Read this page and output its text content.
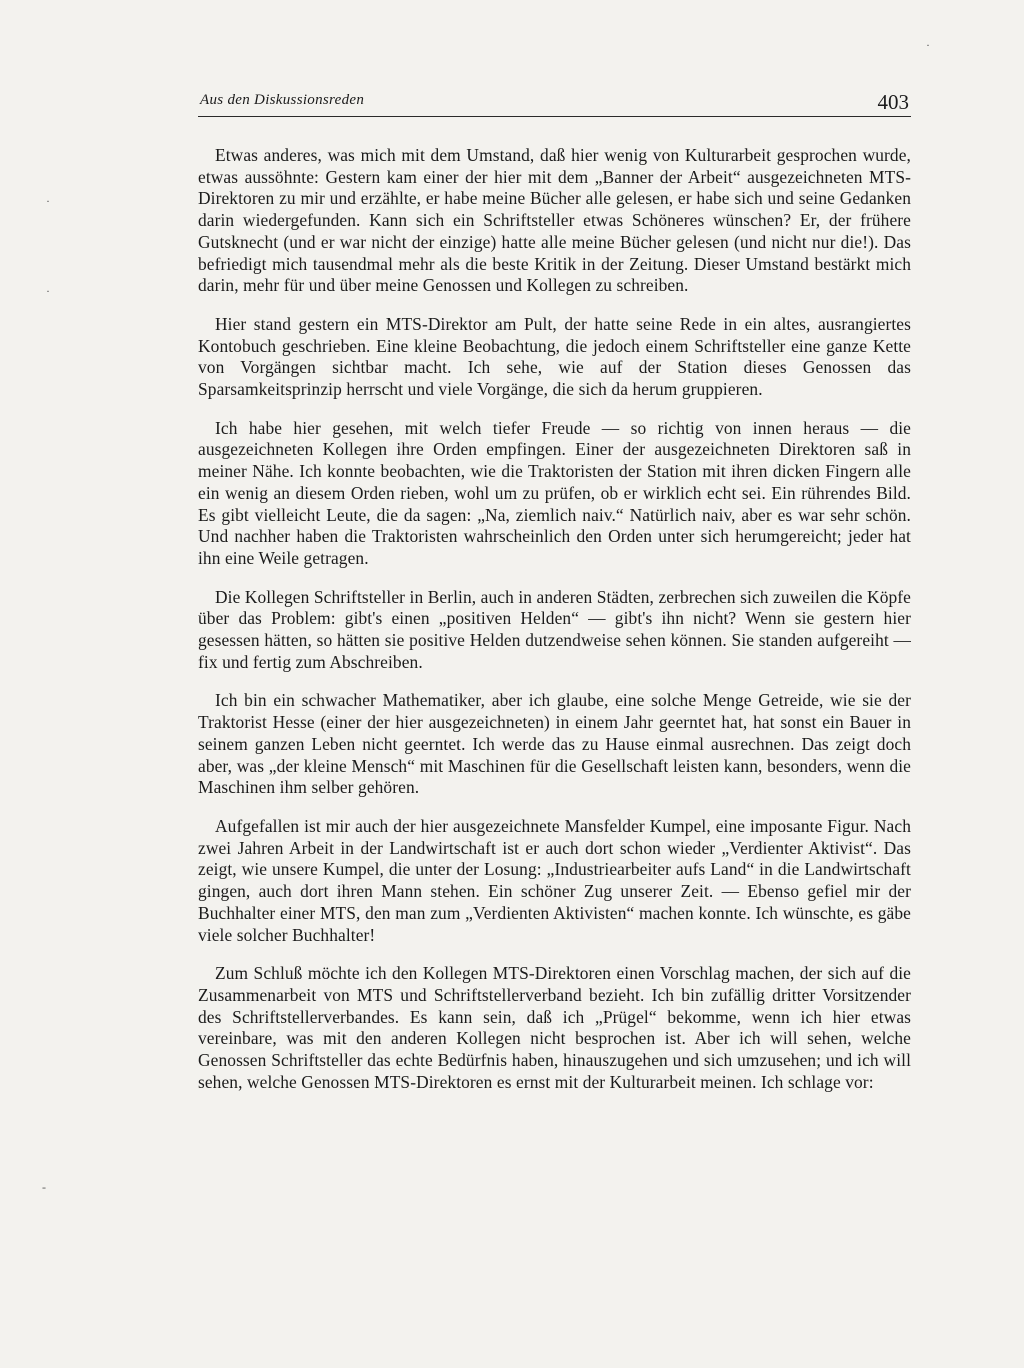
·
·
-
·
Aus den Diskussionsreden	403

Etwas anderes, was mich mit dem Umstand, daß hier wenig von Kulturarbeit gesprochen wurde, etwas aussöhnte: Gestern kam einer der hier mit dem „Banner der Arbeit“ ausgezeichneten MTS-Direktoren zu mir und erzählte, er habe meine Bücher alle gelesen, er habe sich und seine Gedanken darin wiedergefunden. Kann sich ein Schriftsteller etwas Schöneres wünschen? Er, der frühere Gutsknecht (und er war nicht der einzige) hatte alle meine Bücher gelesen (und nicht nur die!). Das befriedigt mich tausendmal mehr als die beste Kritik in der Zeitung. Dieser Umstand bestärkt mich darin, mehr für und über meine Genossen und Kollegen zu schreiben.

Hier stand gestern ein MTS-Direktor am Pult, der hatte seine Rede in ein altes, ausrangiertes Kontobuch geschrieben. Eine kleine Beobachtung, die jedoch einem Schriftsteller eine ganze Kette von Vorgängen sichtbar macht. Ich sehe, wie auf der Station dieses Genossen das Sparsamkeitsprinzip herrscht und viele Vorgänge, die sich da herum gruppieren.

Ich habe hier gesehen, mit welch tiefer Freude — so richtig von innen heraus — die ausgezeichneten Kollegen ihre Orden empfingen. Einer der ausgezeichneten Direktoren saß in meiner Nähe. Ich konnte beobachten, wie die Traktoristen der Station mit ihren dicken Fingern alle ein wenig an diesem Orden rieben, wohl um zu prüfen, ob er wirklich echt sei. Ein rührendes Bild. Es gibt vielleicht Leute, die da sagen: „Na, ziemlich naiv.“ Natürlich naiv, aber es war sehr schön. Und nachher haben die Traktoristen wahrscheinlich den Orden unter sich herumgereicht; jeder hat ihn eine Weile getragen.

Die Kollegen Schriftsteller in Berlin, auch in anderen Städten, zerbrechen sich zuweilen die Köpfe über das Problem: gibt's einen „positiven Helden“ — gibt's ihn nicht? Wenn sie gestern hier gesessen hätten, so hätten sie positive Helden dutzendweise sehen können. Sie standen aufgereiht — fix und fertig zum Abschreiben.

Ich bin ein schwacher Mathematiker, aber ich glaube, eine solche Menge Getreide, wie sie der Traktorist Hesse (einer der hier ausgezeichneten) in einem Jahr geerntet hat, hat sonst ein Bauer in seinem ganzen Leben nicht geerntet. Ich werde das zu Hause einmal ausrechnen. Das zeigt doch aber, was „der kleine Mensch“ mit Maschinen für die Gesellschaft leisten kann, besonders, wenn die Maschinen ihm selber gehören.

Aufgefallen ist mir auch der hier ausgezeichnete Mansfelder Kumpel, eine imposante Figur. Nach zwei Jahren Arbeit in der Landwirtschaft ist er auch dort schon wieder „Verdienter Aktivist“. Das zeigt, wie unsere Kumpel, die unter der Losung: „Industriearbeiter aufs Land“ in die Landwirtschaft gingen, auch dort ihren Mann stehen. Ein schöner Zug unserer Zeit. — Ebenso gefiel mir der Buchhalter einer MTS, den man zum „Verdienten Aktivisten“ machen konnte. Ich wünschte, es gäbe viele solcher Buchhalter!

Zum Schluß möchte ich den Kollegen MTS-Direktoren einen Vorschlag machen, der sich auf die Zusammenarbeit von MTS und Schriftstellerverband bezieht. Ich bin zufällig dritter Vorsitzender des Schriftstellerverbandes. Es kann sein, daß ich „Prügel“ bekomme, wenn ich hier etwas vereinbare, was mit den anderen Kollegen nicht besprochen ist. Aber ich will sehen, welche Genossen Schriftsteller das echte Bedürfnis haben, hinauszugehen und sich umzusehen; und ich will sehen, welche Genossen MTS-Direktoren es ernst mit der Kulturarbeit meinen. Ich schlage vor:
